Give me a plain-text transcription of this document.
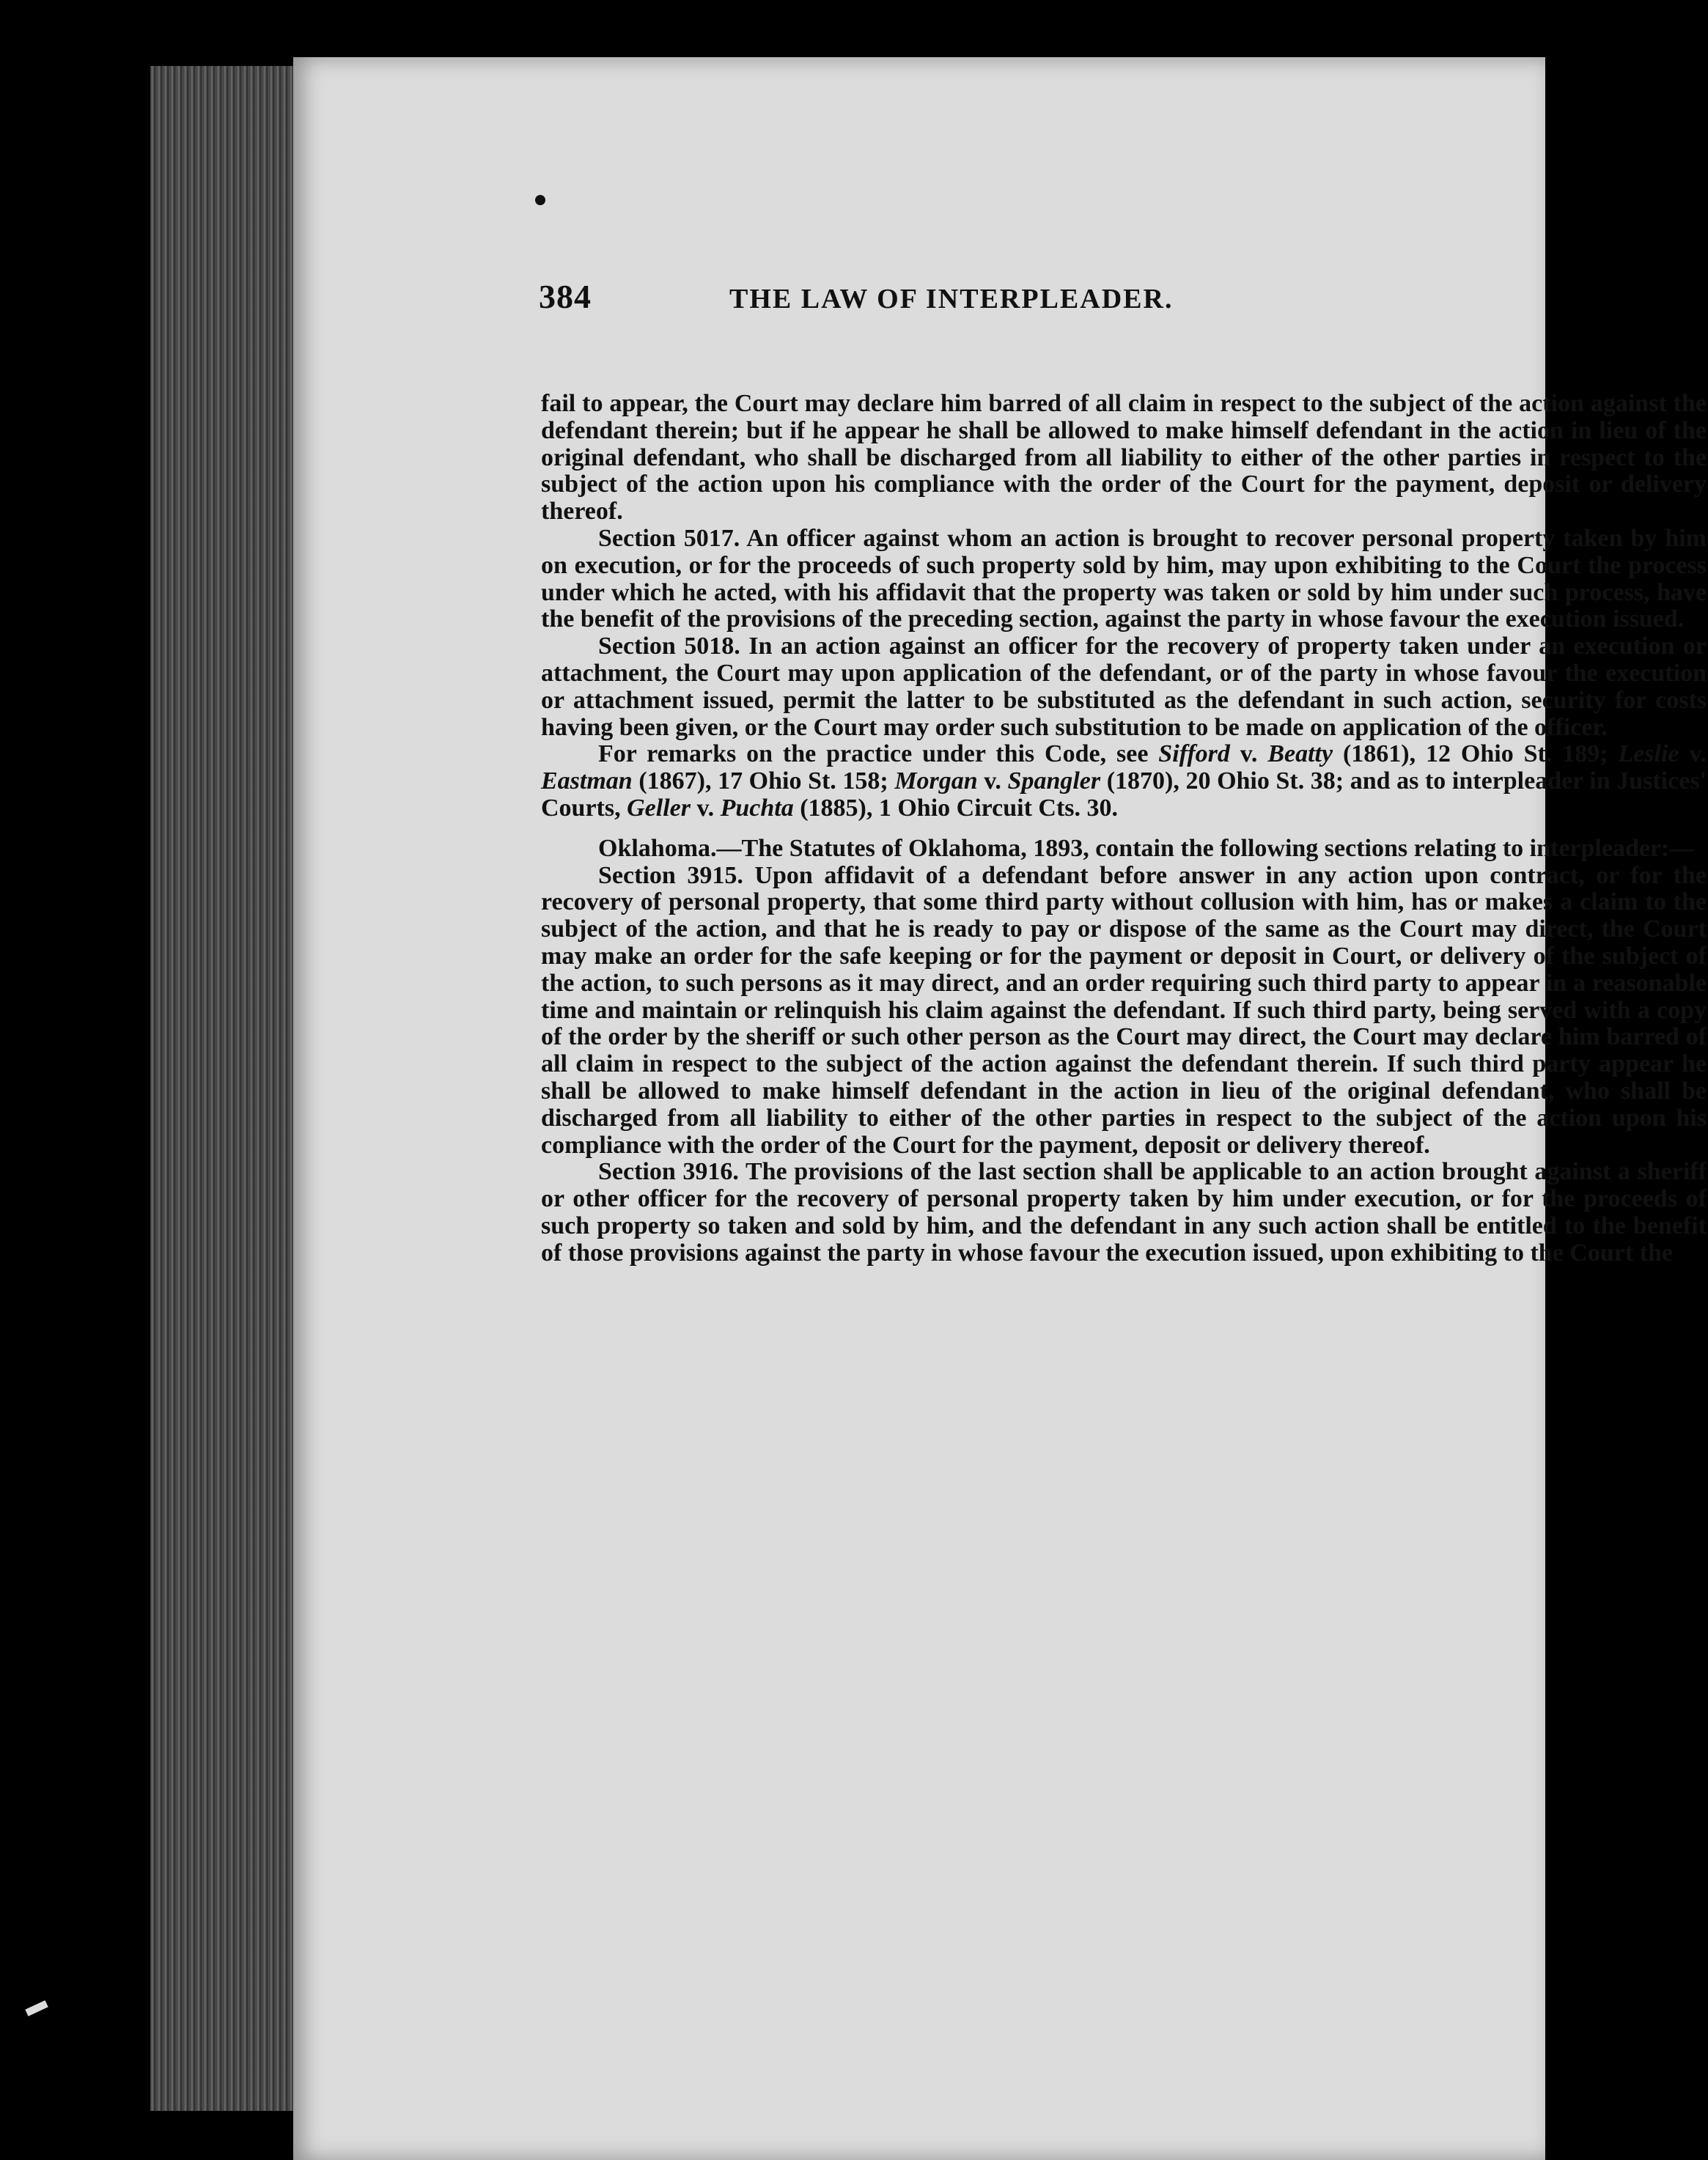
384	THE LAW OF INTERPLEADER.

fail to appear, the Court may declare him barred of all claim in respect to the subject of the action against the defendant therein; but if he appear he shall be allowed to make himself defendant in the action in lieu of the original defendant, who shall be discharged from all liability to either of the other parties in respect to the subject of the action upon his compliance with the order of the Court for the payment, deposit or delivery thereof.

Section 5017. An officer against whom an action is brought to recover personal property taken by him on execution, or for the proceeds of such property sold by him, may upon exhibiting to the Court the process under which he acted, with his affidavit that the property was taken or sold by him under such process, have the benefit of the provisions of the preceding section, against the party in whose favour the execution issued.

Section 5018. In an action against an officer for the recovery of property taken under an execution or attachment, the Court may upon application of the defendant, or of the party in whose favour the execution or attachment issued, permit the latter to be substituted as the defendant in such action, security for costs having been given, or the Court may order such substitution to be made on application of the officer.

For remarks on the practice under this Code, see Sifford v. Beatty (1861), 12 Ohio St. 189; Leslie v. Eastman (1867), 17 Ohio St. 158; Morgan v. Spangler (1870), 20 Ohio St. 38; and as to interpleader in Justices' Courts, Geller v. Puchta (1885), 1 Ohio Circuit Cts. 30.

Oklahoma.—The Statutes of Oklahoma, 1893, contain the following sections relating to interpleader:—

Section 3915. Upon affidavit of a defendant before answer in any action upon contract, or for the recovery of personal property, that some third party without collusion with him, has or makes a claim to the subject of the action, and that he is ready to pay or dispose of the same as the Court may direct, the Court may make an order for the safe keeping or for the payment or deposit in Court, or delivery of the subject of the action, to such persons as it may direct, and an order requiring such third party to appear in a reasonable time and maintain or relinquish his claim against the defendant. If such third party, being served with a copy of the order by the sheriff or such other person as the Court may direct, the Court may declare him barred of all claim in respect to the subject of the action against the defendant therein. If such third party appear he shall be allowed to make himself defendant in the action in lieu of the original defendant, who shall be discharged from all liability to either of the other parties in respect to the subject of the action upon his compliance with the order of the Court for the payment, deposit or delivery thereof.

Section 3916. The provisions of the last section shall be applicable to an action brought against a sheriff or other officer for the recovery of personal property taken by him under execution, or for the proceeds of such property so taken and sold by him, and the defendant in any such action shall be entitled to the benefit of those provisions against the party in whose favour the execution issued, upon exhibiting to the Court the
